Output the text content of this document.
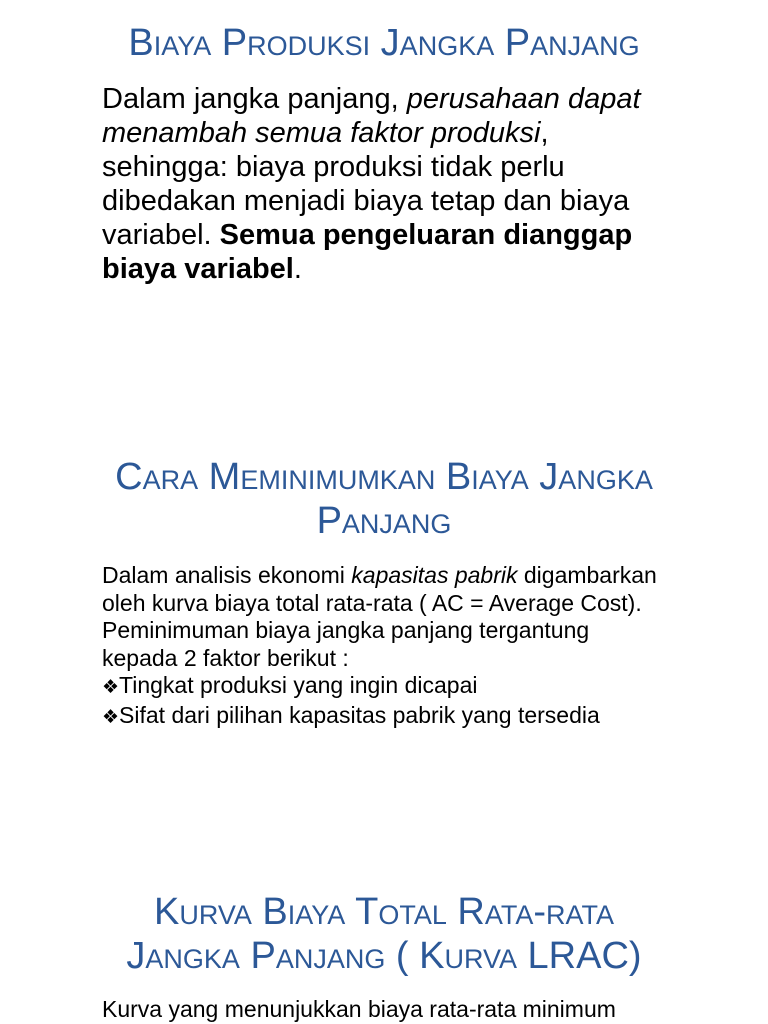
Biaya Produksi Jangka Panjang
Dalam jangka panjang, perusahaan dapat
menambah semua faktor produksi,
sehingga: biaya produksi tidak perlu
dibedakan menjadi biaya tetap dan biaya
variabel. Semua pengeluaran dianggap
biaya variabel.
Cara Meminimumkan Biaya Jangka
Panjang
Dalam analisis ekonomi kapasitas pabrik digambarkan
oleh kurva biaya total rata-rata ( AC = Average Cost).
Peminimuman biaya jangka panjang tergantung
kepada 2 faktor berikut :
❖ Tingkat produksi yang ingin dicapai
❖ Sifat dari pilihan kapasitas pabrik yang tersedia
Kurva Biaya Total Rata-rata
Jangka Panjang ( Kurva LRAC)
Kurva yang menunjukkan biaya rata-rata minimum
